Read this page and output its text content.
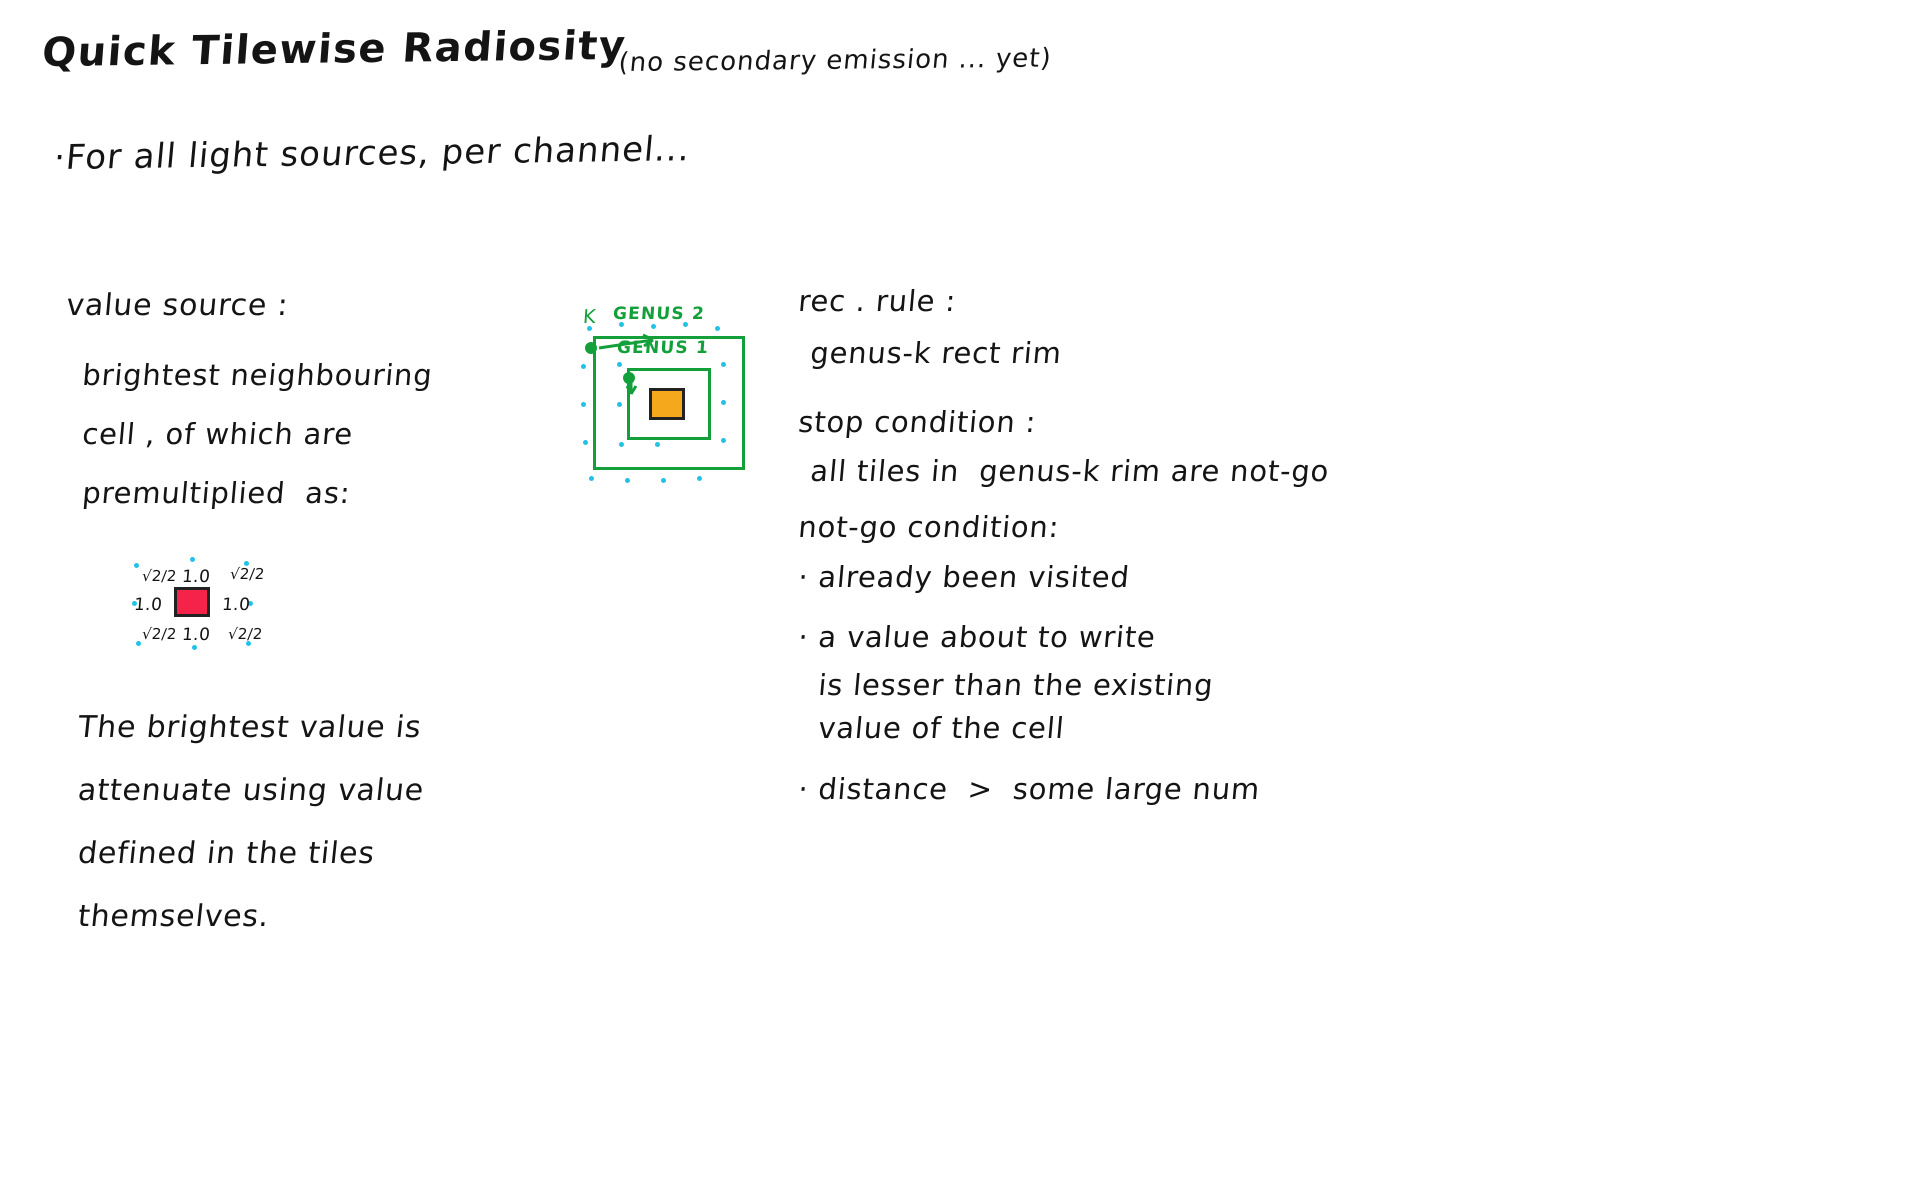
Quick Tilewise Radiosity
(no secondary emission ... yet)
·For all light sources, per channel...
value source :
brightest neighbouring
cell , of which are
premultiplied  as:
√2/2 1.0 √2/2
1.0	1.0
√2/2 1.0 √2/2
The brightest value is
attenuate using value
defined in the tiles
themselves.
K GENUS 2
GENUS 1
rec . rule :
genus-k rect rim
stop condition :
all tiles in  genus-k rim are not-go
not-go condition:
· already been visited
· a value about to write
is lesser than the existing
value of the cell
· distance  >  some large num
